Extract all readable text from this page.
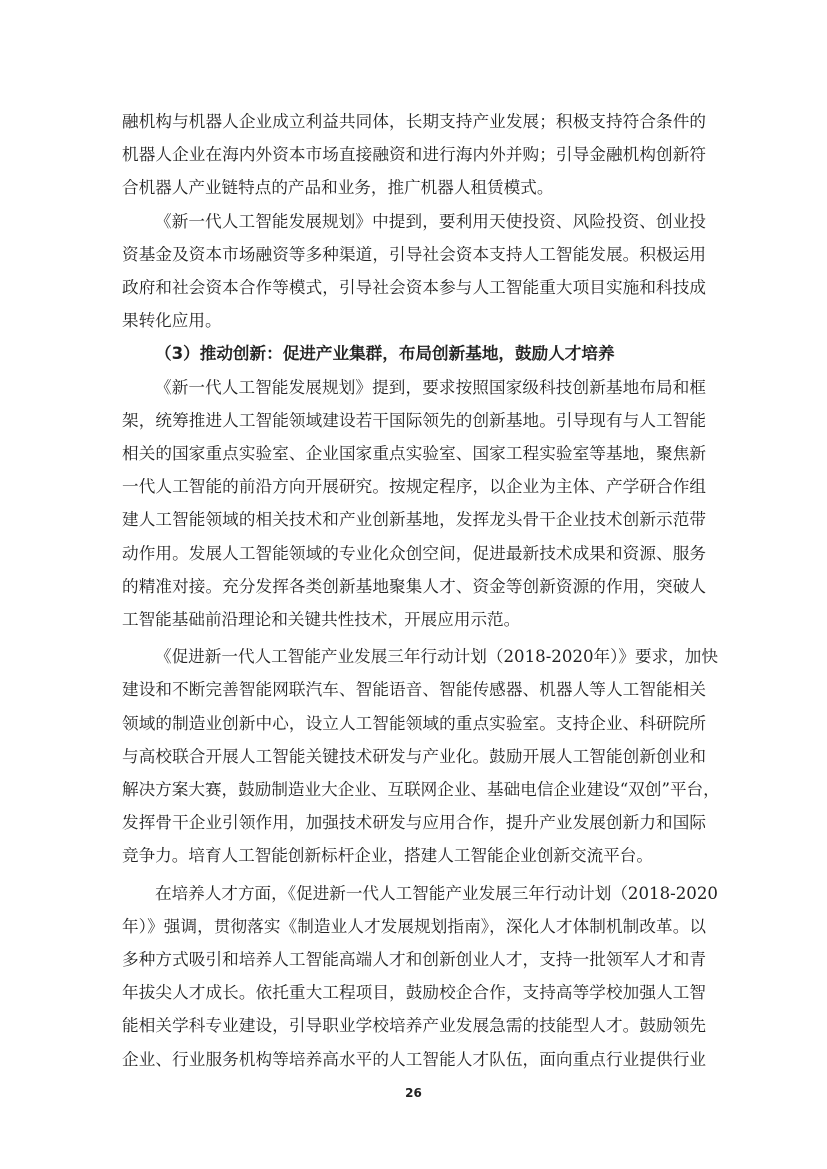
融机构与机器人企业成立利益共同体，长期支持产业发展；积极支持符合条件的
机器人企业在海内外资本市场直接融资和进行海内外并购；引导金融机构创新符
合机器人产业链特点的产品和业务，推广机器人租赁模式。
《新一代人工智能发展规划》中提到，要利用天使投资、风险投资、创业投
资基金及资本市场融资等多种渠道，引导社会资本支持人工智能发展。积极运用
政府和社会资本合作等模式，引导社会资本参与人工智能重大项目实施和科技成
果转化应用。
（3）推动创新：促进产业集群，布局创新基地，鼓励人才培养
《新一代人工智能发展规划》提到，要求按照国家级科技创新基地布局和框
架，统筹推进人工智能领域建设若干国际领先的创新基地。引导现有与人工智能
相关的国家重点实验室、企业国家重点实验室、国家工程实验室等基地，聚焦新
一代人工智能的前沿方向开展研究。按规定程序，以企业为主体、产学研合作组
建人工智能领域的相关技术和产业创新基地，发挥龙头骨干企业技术创新示范带
动作用。发展人工智能领域的专业化众创空间，促进最新技术成果和资源、服务
的精准对接。充分发挥各类创新基地聚集人才、资金等创新资源的作用，突破人
工智能基础前沿理论和关键共性技术，开展应用示范。
《促进新一代人工智能产业发展三年行动计划（2018-2020年）》要求，加快
建设和不断完善智能网联汽车、智能语音、智能传感器、机器人等人工智能相关
领域的制造业创新中心，设立人工智能领域的重点实验室。支持企业、科研院所
与高校联合开展人工智能关键技术研发与产业化。鼓励开展人工智能创新创业和
解决方案大赛，鼓励制造业大企业、互联网企业、基础电信企业建设“双创”平台，
发挥骨干企业引领作用，加强技术研发与应用合作，提升产业发展创新力和国际
竞争力。培育人工智能创新标杆企业，搭建人工智能企业创新交流平台。
在培养人才方面，《促进新一代人工智能产业发展三年行动计划（2018-2020
年）》强调，贯彻落实《制造业人才发展规划指南》，深化人才体制机制改革。以
多种方式吸引和培养人工智能高端人才和创新创业人才，支持一批领军人才和青
年拔尖人才成长。依托重大工程项目，鼓励校企合作，支持高等学校加强人工智
能相关学科专业建设，引导职业学校培养产业发展急需的技能型人才。鼓励领先
企业、行业服务机构等培养高水平的人工智能人才队伍，面向重点行业提供行业
26
